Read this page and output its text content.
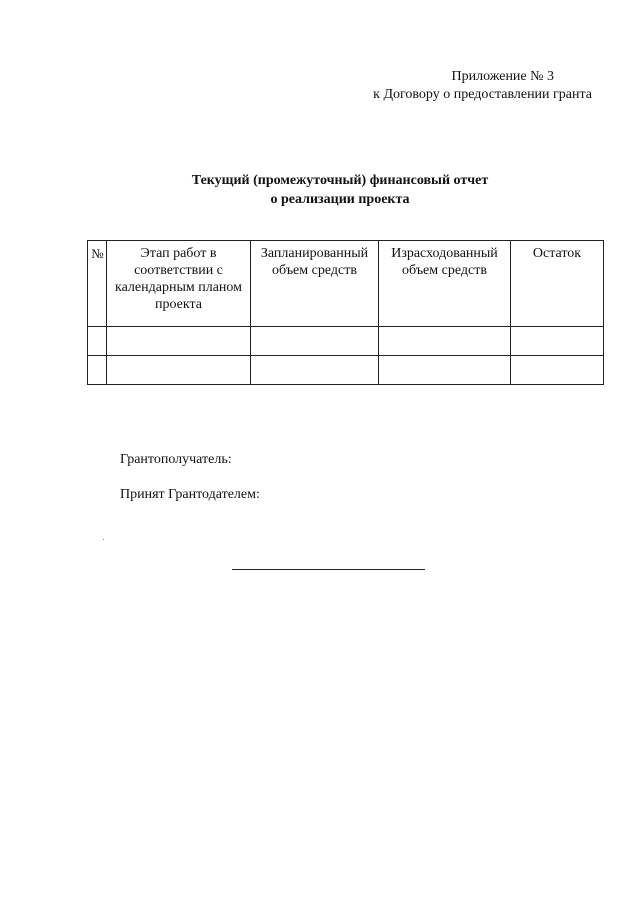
Приложение № 3
к Договору о предоставлении гранта
Текущий (промежуточный) финансовый отчет
о реализации проекта
№	Этап работ в соответствии с календарным планом проекта	Запланированный объем средств	Израсходованный объем средств	Остаток

Грантополучатель:
Принят Грантодателем:
